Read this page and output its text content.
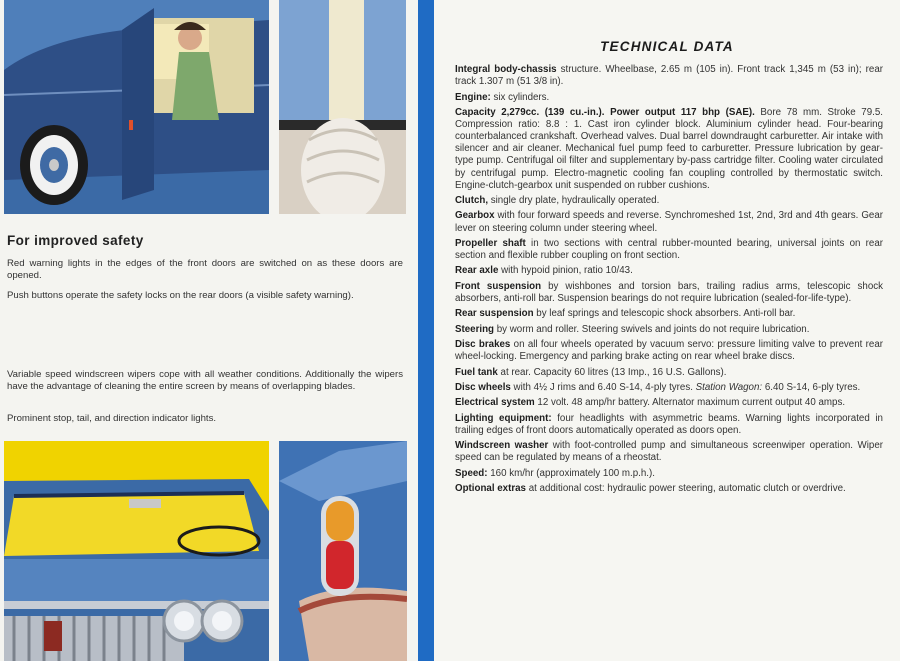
For improved safety

Red warning lights in the edges of the front doors are switched on as these doors are opened.

Push buttons operate the safety locks on the rear doors (a visible safety warning).

Variable speed windscreen wipers cope with all weather conditions. Additionally the wipers have the advantage of cleaning the entire screen by means of overlapping blades.

Prominent stop, tail, and direction indicator lights.

TECHNICAL DATA

Integral body-chassis structure. Wheelbase, 2.65 m (105 in). Front track 1,345 m (53 in); rear track 1.307 m (51 3/8 in).

Engine: six cylinders.

Capacity 2,279cc. (139 cu.-in.). Power output 117 bhp (SAE). Bore 78 mm. Stroke 79.5. Compression ratio: 8.8 : 1. Cast iron cylinder block. Aluminium cylinder head. Four-bearing counterbalanced crankshaft. Overhead valves. Dual barrel downdraught carburetter. Air intake with silencer and air cleaner. Mechanical fuel pump feed to carburetter. Pressure lubrication by gear-type pump. Centrifugal oil filter and supplementary by-pass cartridge filter. Cooling water circulated by centrifugal pump. Electro-magnetic cooling fan coupling controlled by thermostatic switch. Engine-clutch-gearbox unit suspended on rubber cushions.

Clutch, single dry plate, hydraulically operated.

Gearbox with four forward speeds and reverse. Synchromeshed 1st, 2nd, 3rd and 4th gears. Gear lever on steering column under steering wheel.

Propeller shaft in two sections with central rubber-mounted bearing, universal joints on rear section and flexible rubber coupling on front section.

Rear axle with hypoid pinion, ratio 10/43.

Front suspension by wishbones and torsion bars, trailing radius arms, telescopic shock absorbers, anti-roll bar. Suspension bearings do not require lubrication (sealed-for-life-type).

Rear suspension by leaf springs and telescopic shock absorbers. Anti-roll bar.

Steering by worm and roller. Steering swivels and joints do not require lubrication.

Disc brakes on all four wheels operated by vacuum servo: pressure limiting valve to prevent rear wheel-locking. Emergency and parking brake acting on rear wheel brake discs.

Fuel tank at rear. Capacity 60 litres (13 Imp., 16 U.S. Gallons).

Disc wheels with 4½ J rims and 6.40 S-14, 4-ply tyres. Station Wagon: 6.40 S-14, 6-ply tyres.

Electrical system 12 volt. 48 amp/hr battery. Alternator maximum current output 40 amps.

Lighting equipment: four headlights with asymmetric beams. Warning lights incorporated in trailing edges of front doors automatically operated as doors open.

Windscreen washer with foot-controlled pump and simultaneous screenwiper operation. Wiper speed can be regulated by means of a rheostat.

Speed: 160 km/hr (approximately 100 m.p.h.).

Optional extras at additional cost: hydraulic power steering, automatic clutch or overdrive.
